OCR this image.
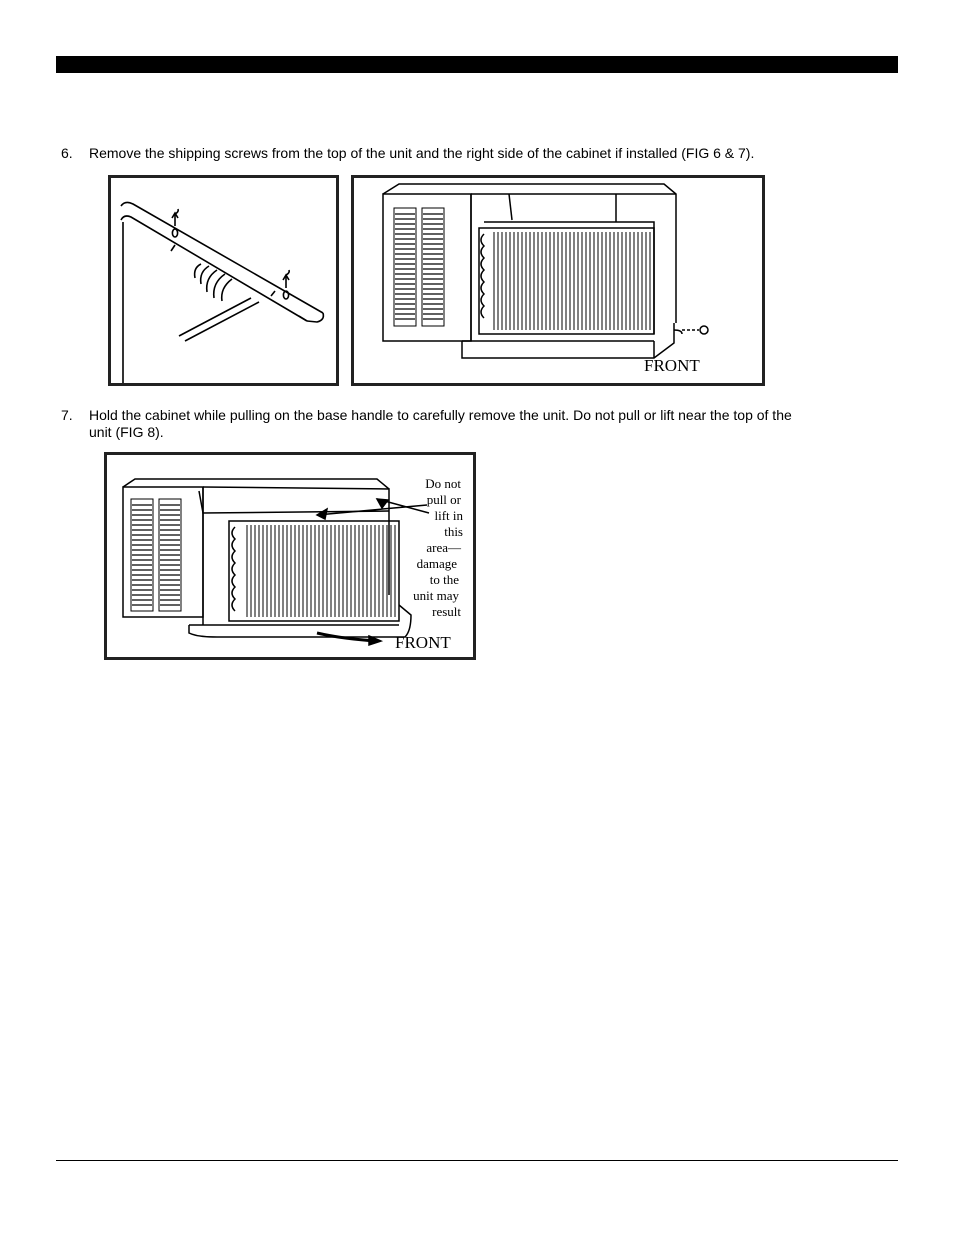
6. Remove the shipping screws from the top of the unit and the right side of the cabinet if installed (FIG 6 & 7).
FRONT
7. Hold the cabinet while pulling on the base handle to carefully remove the unit. Do not pull or lift near the top of the
unit (FIG 8).
Do not
pull or
lift in
this
area—
damage
to the
unit may
result
FRONT
